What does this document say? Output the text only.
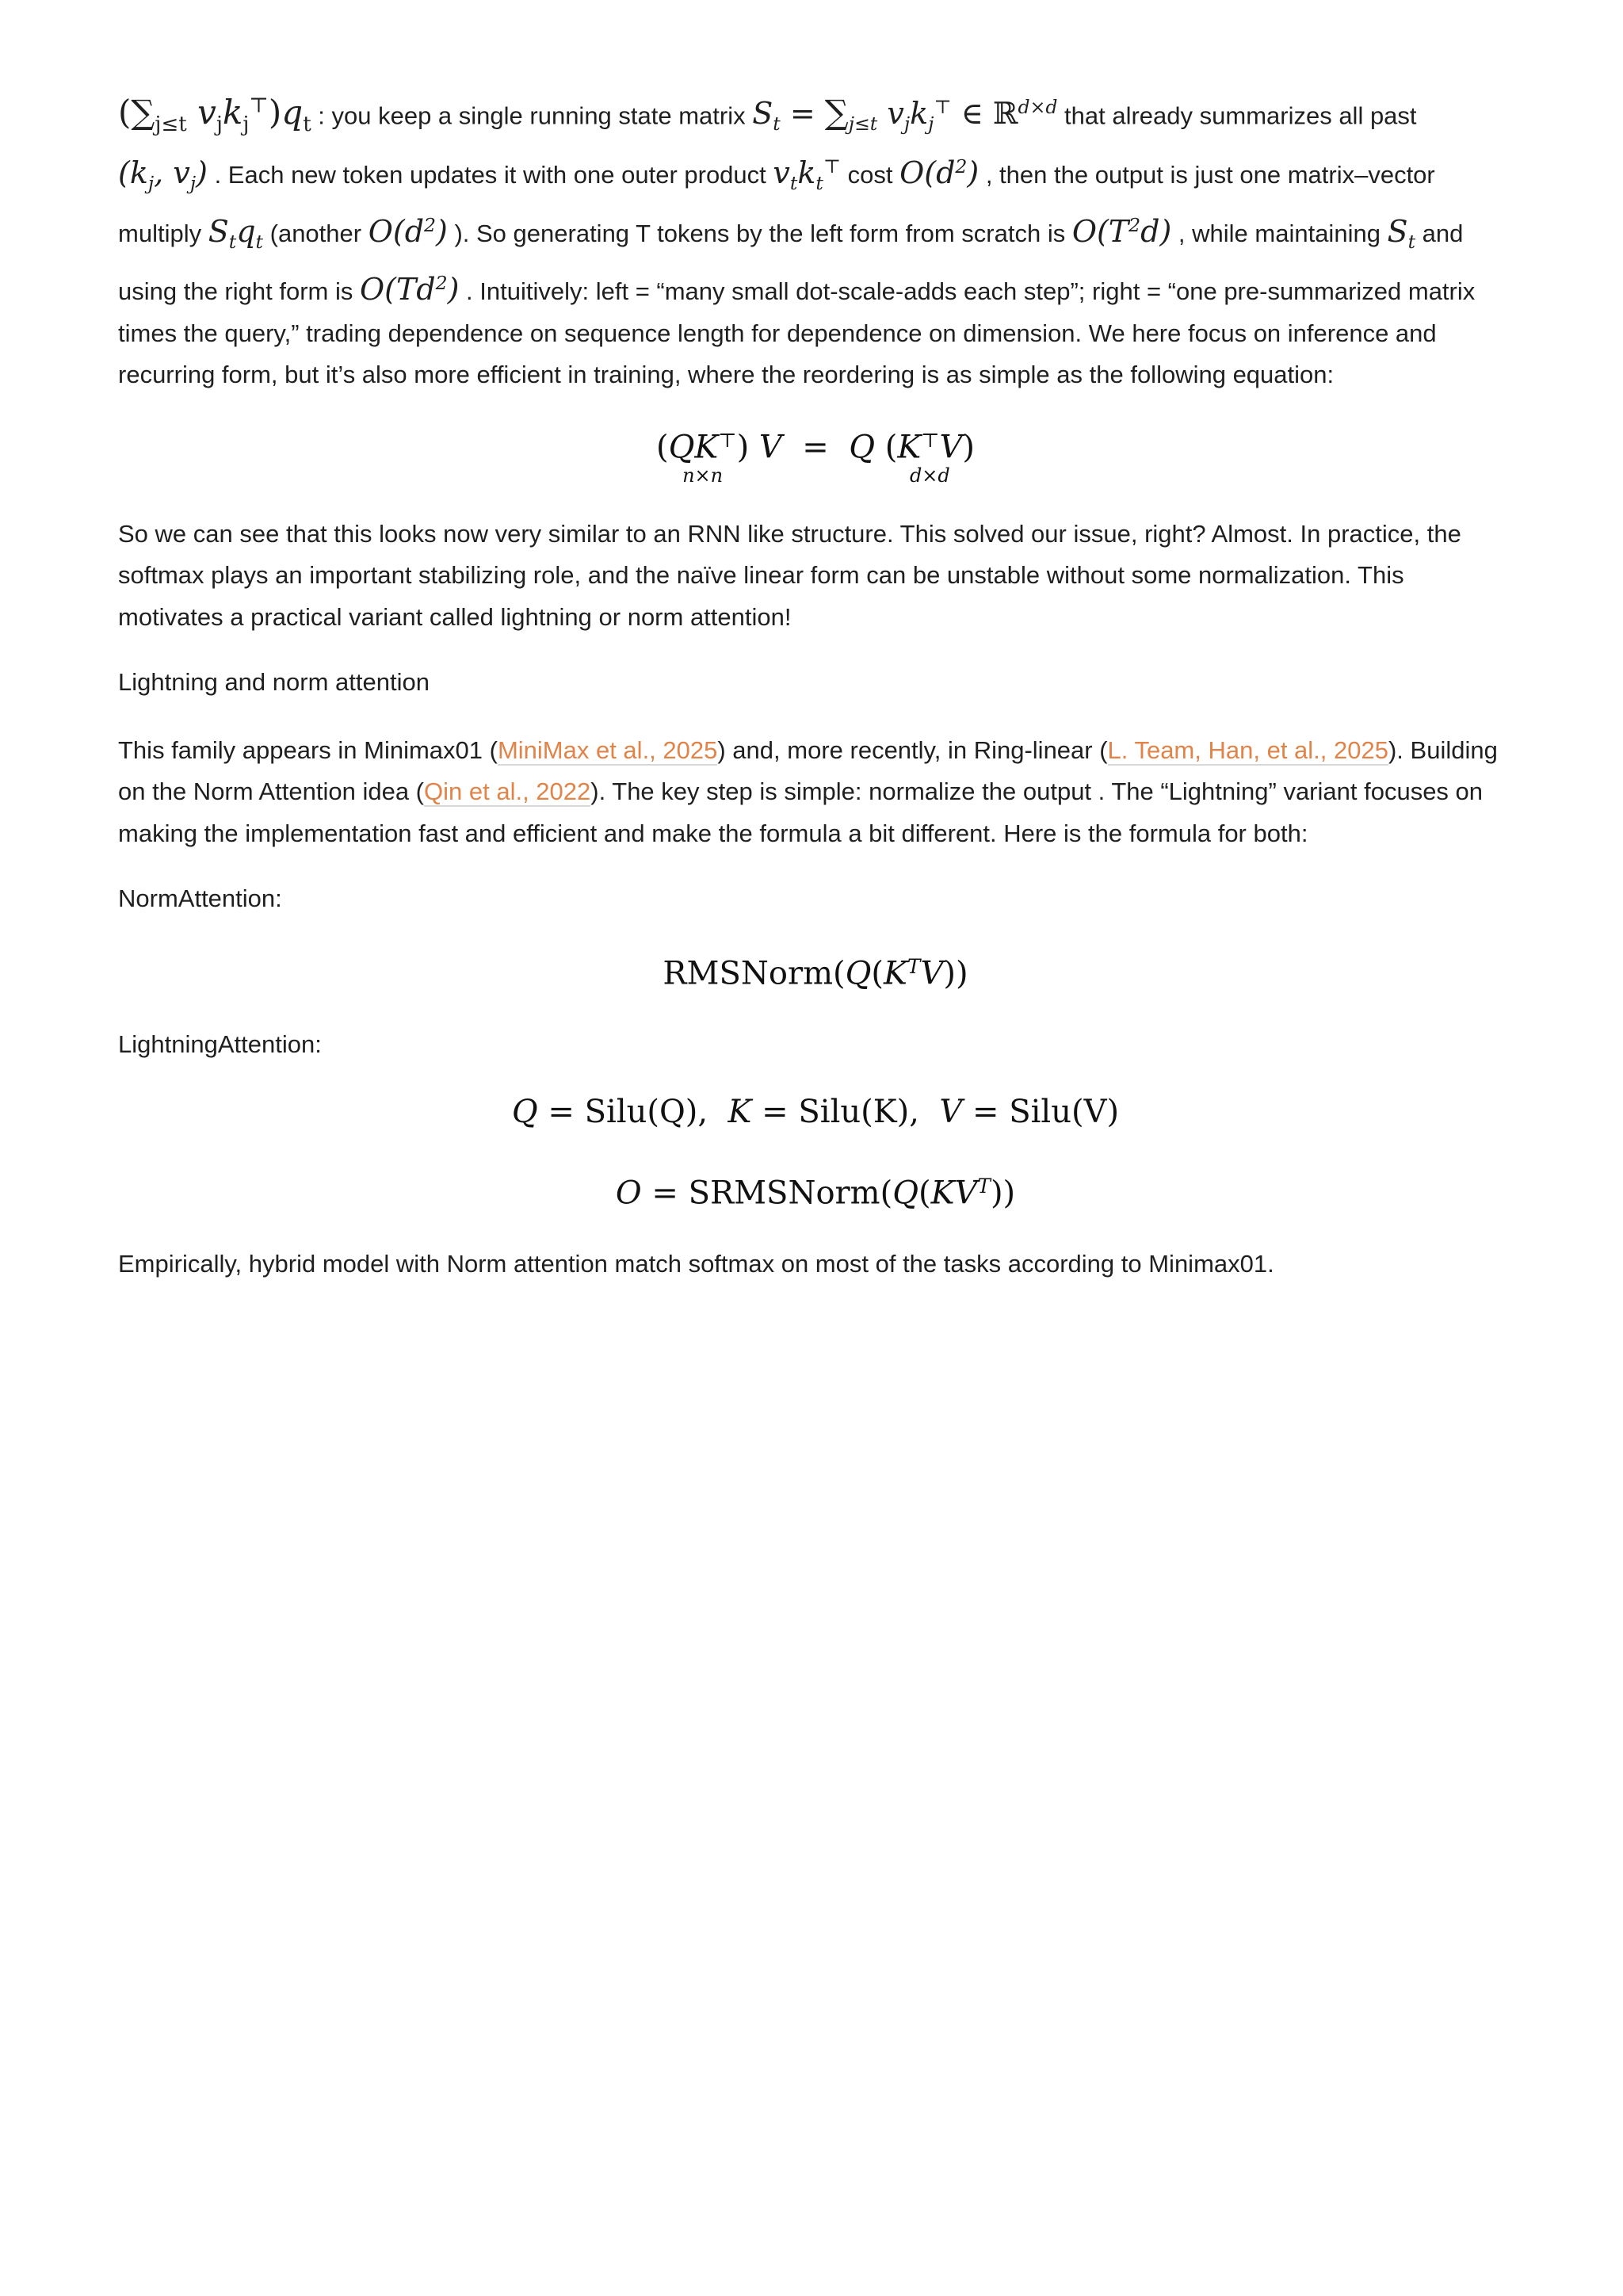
($\sum_{j\le t}$ $v_jk_j^⊤)q_t$ : you keep a single running state matrix $S_t = \sum_{j\le t}$ $v_jk_j^⊤$ ∈ ℝ$^{d\times d}$ that already summarizes all past
($k_j$, $v_j$) . Each new token updates it with one outer product $v_tk_t^⊤$ cost $O(d^2)$ , then the output is just one matrix–vector
multiply $S_tq_t$ (another $O(d^2)$ ). So generating T tokens by the left form from scratch is $O(T^2d)$ , while maintaining $S_t$ and
using the right form is O(Td$^2$) . Intuitively: left = “many small dot-scale-adds each step”; right = “one pre-summarized matrix times the query,” trading dependence on sequence length for dependence on dimension. We here focus on inference and recurring form, but it’s also more efficient in training, where the reordering is as simple as the following equation:

(QK⊤)
n×n
V  =  Q (K⊤V)
d×d

So we can see that this looks now very similar to an RNN like structure. This solved our issue, right? Almost. In practice, the softmax plays an important stabilizing role, and the naïve linear form can be unstable without some normalization. This motivates a practical variant called lightning or norm attention!

Lightning and norm attention

This family appears in Minimax01 (MiniMax et al., 2025) and, more recently, in Ring-linear (L. Team, Han, et al., 2025). Building on the Norm Attention idea (Qin et al., 2022). The key step is simple: normalize the output . The “Lightning” variant focuses on making the implementation fast and efficient and make the formula a bit different. Here is the formula for both:

NormAttention:

$RMSNorm(Q(K^TV))$

LightningAttention:

Q = Silu(Q),  K = Silu(K),  V = Silu(V)
$O = SRMSNorm(Q(KV^T))$

Empirically, hybrid model with Norm attention match softmax on most of the tasks according to Minimax01.
